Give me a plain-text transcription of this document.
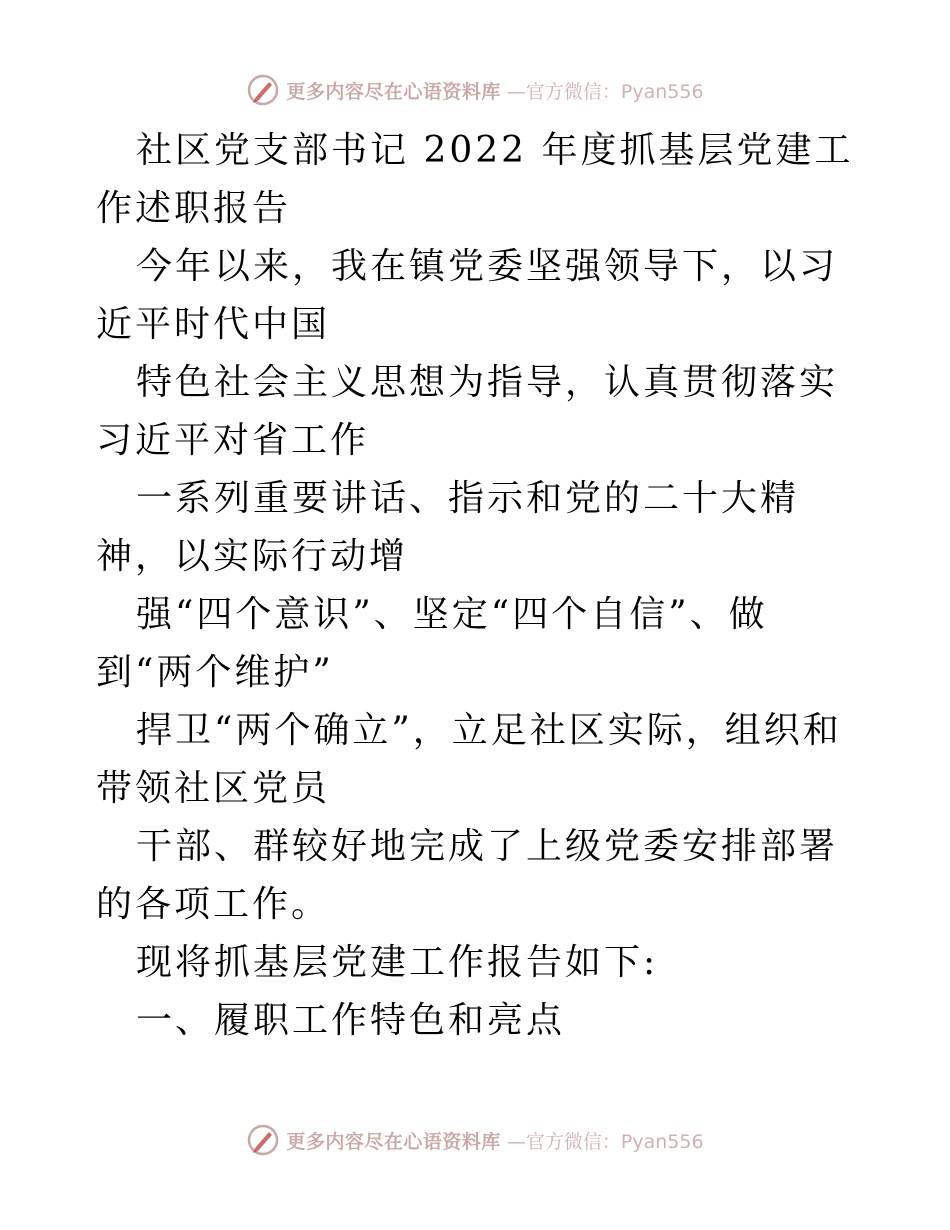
更多内容尽在心语资料库 —官方微信：Pyan556

社区党支部书记 2022 年度抓基层党建工作述职报告

今年以来，我在镇党委坚强领导下，以习近平时代中国

特色社会主义思想为指导，认真贯彻落实习近平对省工作

一系列重要讲话、指示和党的二十大精神，以实际行动增

强“四个意识”、坚定“四个自信”、做到“两个维护”

捍卫“两个确立”，立足社区实际，组织和带领社区党员

干部、群较好地完成了上级党委安排部署的各项工作。

现将抓基层党建工作报告如下:

一、履职工作特色和亮点

更多内容尽在心语资料库 —官方微信：Pyan556
